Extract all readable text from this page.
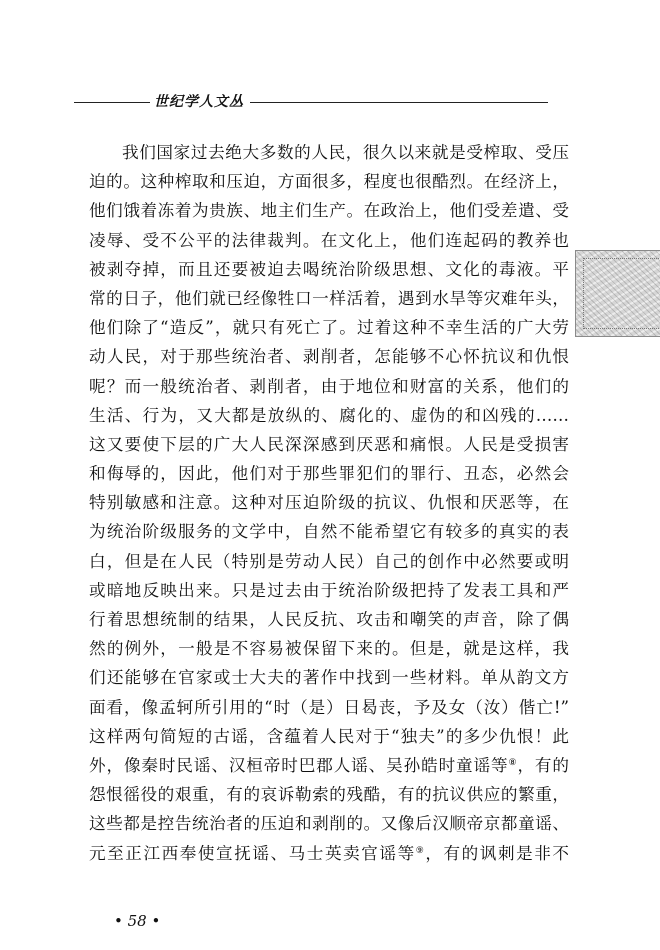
世纪学人文丛
我们国家过去绝大多数的人民，很久以来就是受榨取、受压
迫的。这种榨取和压迫，方面很多，程度也很酷烈。在经济上，
他们饿着冻着为贵族、地主们生产。在政治上，他们受差遣、受
凌辱、受不公平的法律裁判。在文化上，他们连起码的教养也
被剥夺掉，而且还要被迫去喝统治阶级思想、文化的毒液。平
常的日子，他们就已经像牲口一样活着，遇到水旱等灾难年头，
他们除了“造反”，就只有死亡了。过着这种不幸生活的广大劳
动人民，对于那些统治者、剥削者，怎能够不心怀抗议和仇恨
呢？而一般统治者、剥削者，由于地位和财富的关系，他们的
生活、行为，又大都是放纵的、腐化的、虚伪的和凶残的……
这又要使下层的广大人民深深感到厌恶和痛恨。人民是受损害
和侮辱的，因此，他们对于那些罪犯们的罪行、丑态，必然会
特别敏感和注意。这种对压迫阶级的抗议、仇恨和厌恶等，在
为统治阶级服务的文学中，自然不能希望它有较多的真实的表
白，但是在人民（特别是劳动人民）自己的创作中必然要或明
或暗地反映出来。只是过去由于统治阶级把持了发表工具和严
行着思想统制的结果，人民反抗、攻击和嘲笑的声音，除了偶
然的例外，一般是不容易被保留下来的。但是，就是这样，我
们还能够在官家或士大夫的著作中找到一些材料。单从韵文方
面看，像孟轲所引用的“时（是）日曷丧，予及女（汝）偕亡!”
这样两句简短的古谣，含蕴着人民对于“独夫”的多少仇恨！此
外，像秦时民谣、汉桓帝时巴郡人谣、吴孙皓时童谣等⑧，有的
怨恨徭役的艰重，有的哀诉勒索的残酷，有的抗议供应的繁重，
这些都是控告统治者的压迫和剥削的。又像后汉顺帝京都童谣、
元至正江西奉使宣抚谣、马士英卖官谣等⑨，有的讽刺是非不
• 58 •
